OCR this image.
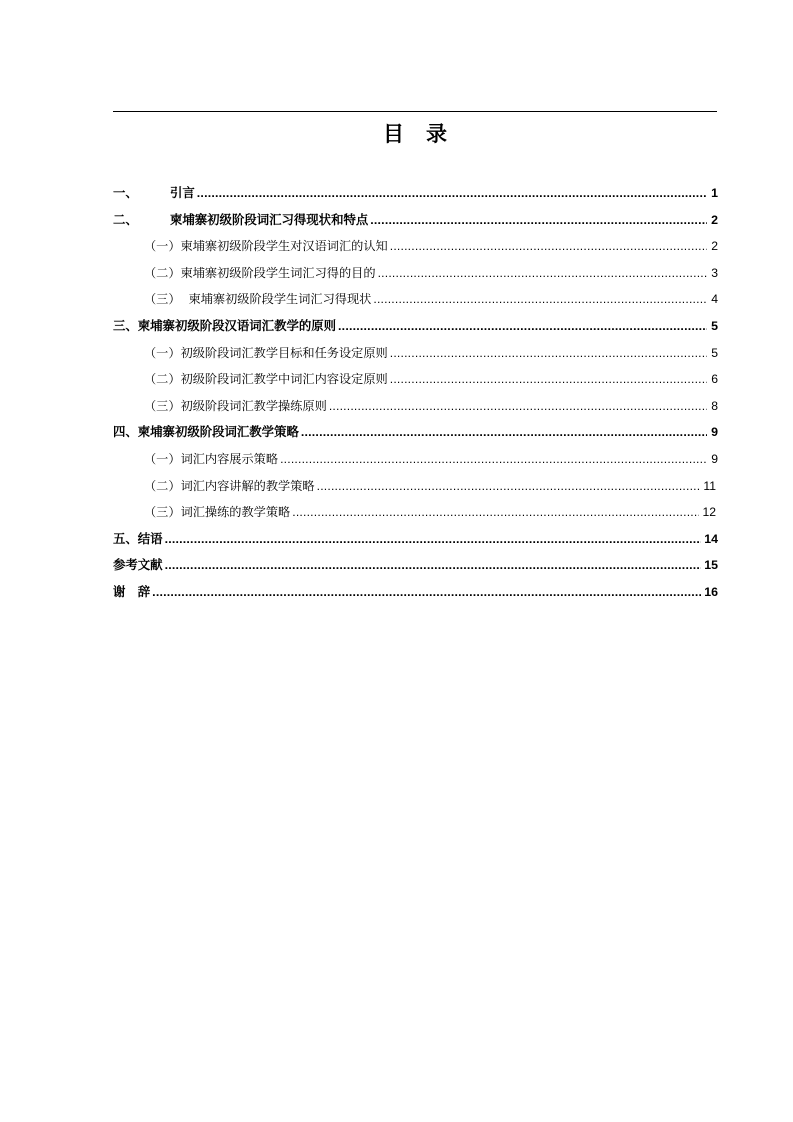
目录
一、	引言 .....	1
二、	柬埔寨初级阶段词汇习得现状和特点 .....	2
（一） 柬埔寨初级阶段学生对汉语词汇的认知 .....	2
（二） 柬埔寨初级阶段学生词汇习得的目的 .....	3
（三） 柬埔寨初级阶段学生词汇习得现状 .....	4
三、 柬埔寨初级阶段汉语词汇教学的原则 .....	5
（一） 初级阶段词汇教学目标和任务设定原则 .....	5
（二） 初级阶段词汇教学中词汇内容设定原则 .....	6
（三） 初级阶段词汇教学操练原则 .....	8
四、 柬埔寨初级阶段词汇教学策略 .....	9
（一） 词汇内容展示策略 .....	9
（二） 词汇内容讲解的教学策略 .....	11
（三） 词汇操练的教学策略 .....	12
五、 结语 .....	14
参考文献 .....	15
谢　辞 .....	16
